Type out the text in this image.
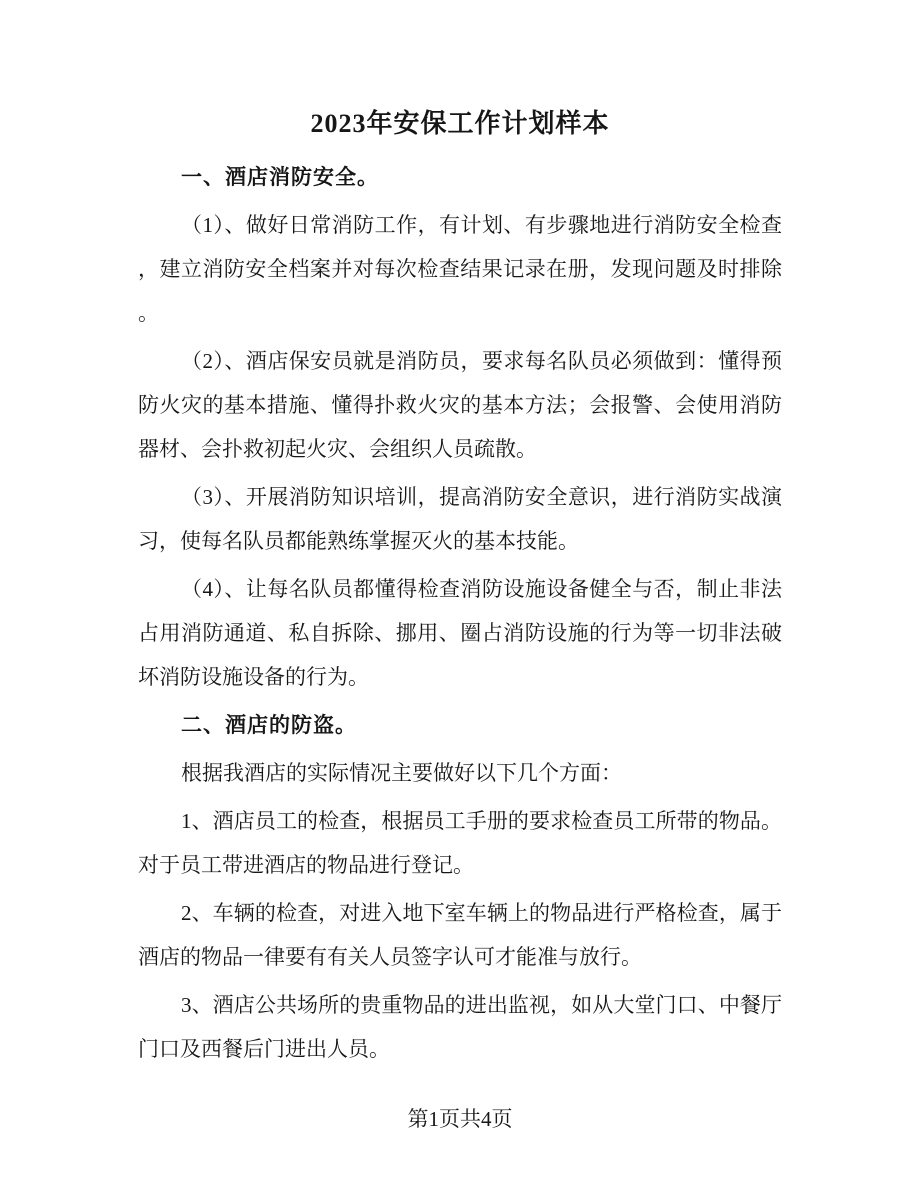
2023年安保工作计划样本
一、酒店消防安全。
（1）、做好日常消防工作，有计划、有步骤地进行消防安全检查
，建立消防安全档案并对每次检查结果记录在册，发现问题及时排除
。
（2）、酒店保安员就是消防员，要求每名队员必须做到：懂得预
防火灾的基本措施、懂得扑救火灾的基本方法；会报警、会使用消防
器材、会扑救初起火灾、会组织人员疏散。
（3）、开展消防知识培训，提高消防安全意识，进行消防实战演
习，使每名队员都能熟练掌握灭火的基本技能。
（4）、让每名队员都懂得检查消防设施设备健全与否，制止非法
占用消防通道、私自拆除、挪用、圈占消防设施的行为等一切非法破
坏消防设施设备的行为。
二、酒店的防盗。
根据我酒店的实际情况主要做好以下几个方面：
1、酒店员工的检查，根据员工手册的要求检查员工所带的物品。
对于员工带进酒店的物品进行登记。
2、车辆的检查，对进入地下室车辆上的物品进行严格检查，属于
酒店的物品一律要有有关人员签字认可才能准与放行。
3、酒店公共场所的贵重物品的进出监视，如从大堂门口、中餐厅
门口及西餐后门进出人员。
第1页共4页
